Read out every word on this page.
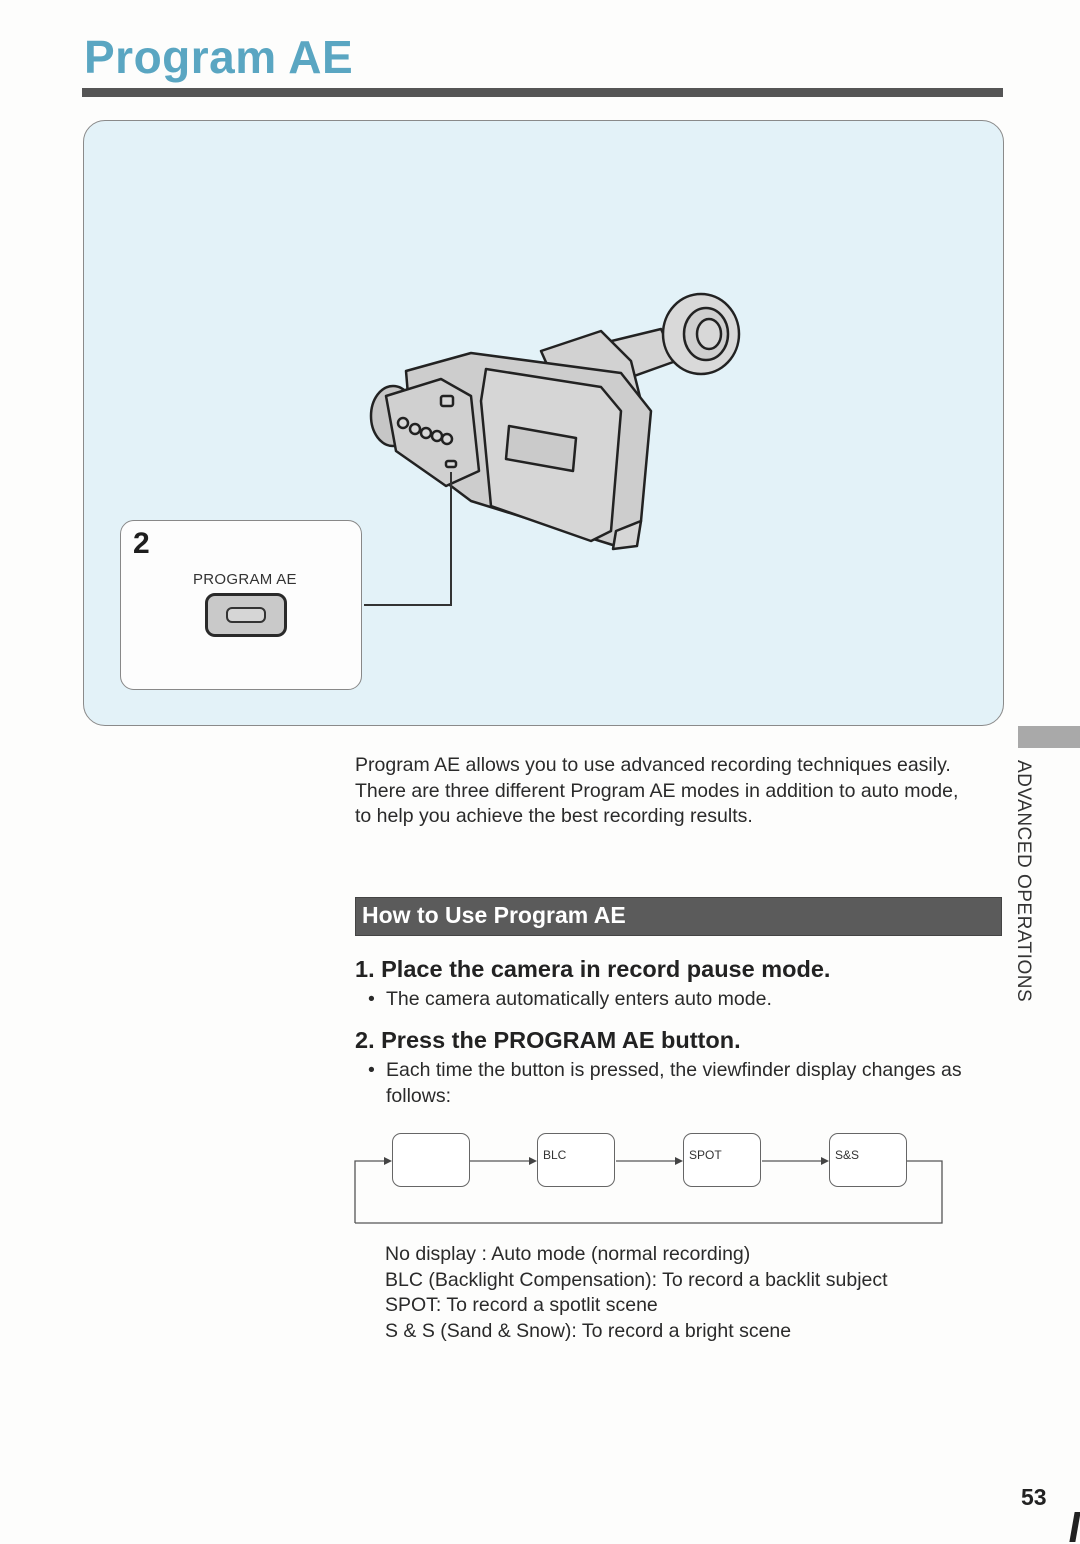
Program AE
2
PROGRAM AE
ADVANCED OPERATIONS

Program AE allows you to use advanced recording techniques easily.

There are three different Program AE modes in addition to auto mode, to help you achieve the best recording results.

How to Use Program AE
1. Place the camera in record pause mode.
• The camera automatically enters auto mode.
2. Press the PROGRAM AE button.
• Each time the button is pressed, the viewfinder display changes as follows:
BLC	SPOT	S&S
No display : Auto mode (normal recording)
BLC (Backlight Compensation): To record a backlit subject
SPOT: To record a spotlit scene
S & S (Sand & Snow): To record a bright scene
53
